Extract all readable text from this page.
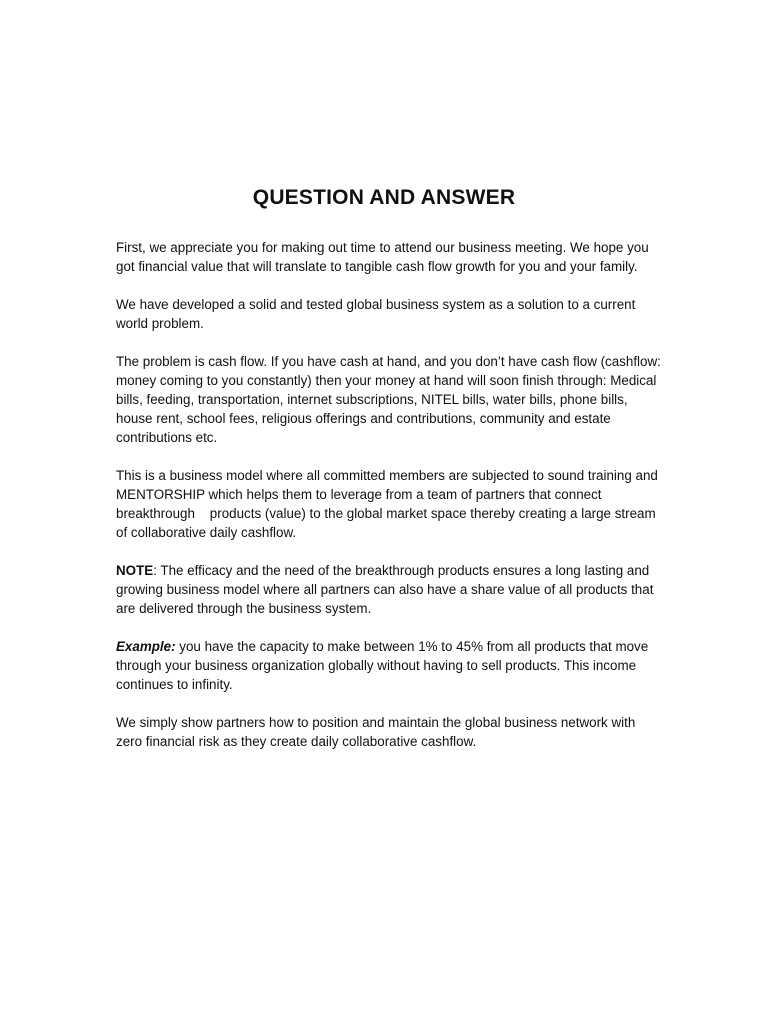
QUESTION AND ANSWER

First, we appreciate you for making out time to attend our business meeting. We hope you got financial value that will translate to tangible cash flow growth for you and your family.

We have developed a solid and tested global business system as a solution to a current world problem.

The problem is cash flow. If you have cash at hand, and you don’t have cash flow (cashflow: money coming to you constantly) then your money at hand will soon finish through: Medical bills, feeding, transportation, internet subscriptions, NITEL bills, water bills, phone bills, house rent, school fees, religious offerings and contributions, community and estate contributions etc.

This is a business model where all committed members are subjected to sound training and MENTORSHIP which helps them to leverage from a team of partners that connect breakthrough    products (value) to the global market space thereby creating a large stream of collaborative daily cashflow.

NOTE: The efficacy and the need of the breakthrough products ensures a long lasting and growing business model where all partners can also have a share value of all products that are delivered through the business system.

Example: you have the capacity to make between 1% to 45% from all products that move through your business organization globally without having to sell products. This income continues to infinity.

We simply show partners how to position and maintain the global business network with zero financial risk as they create daily collaborative cashflow.
